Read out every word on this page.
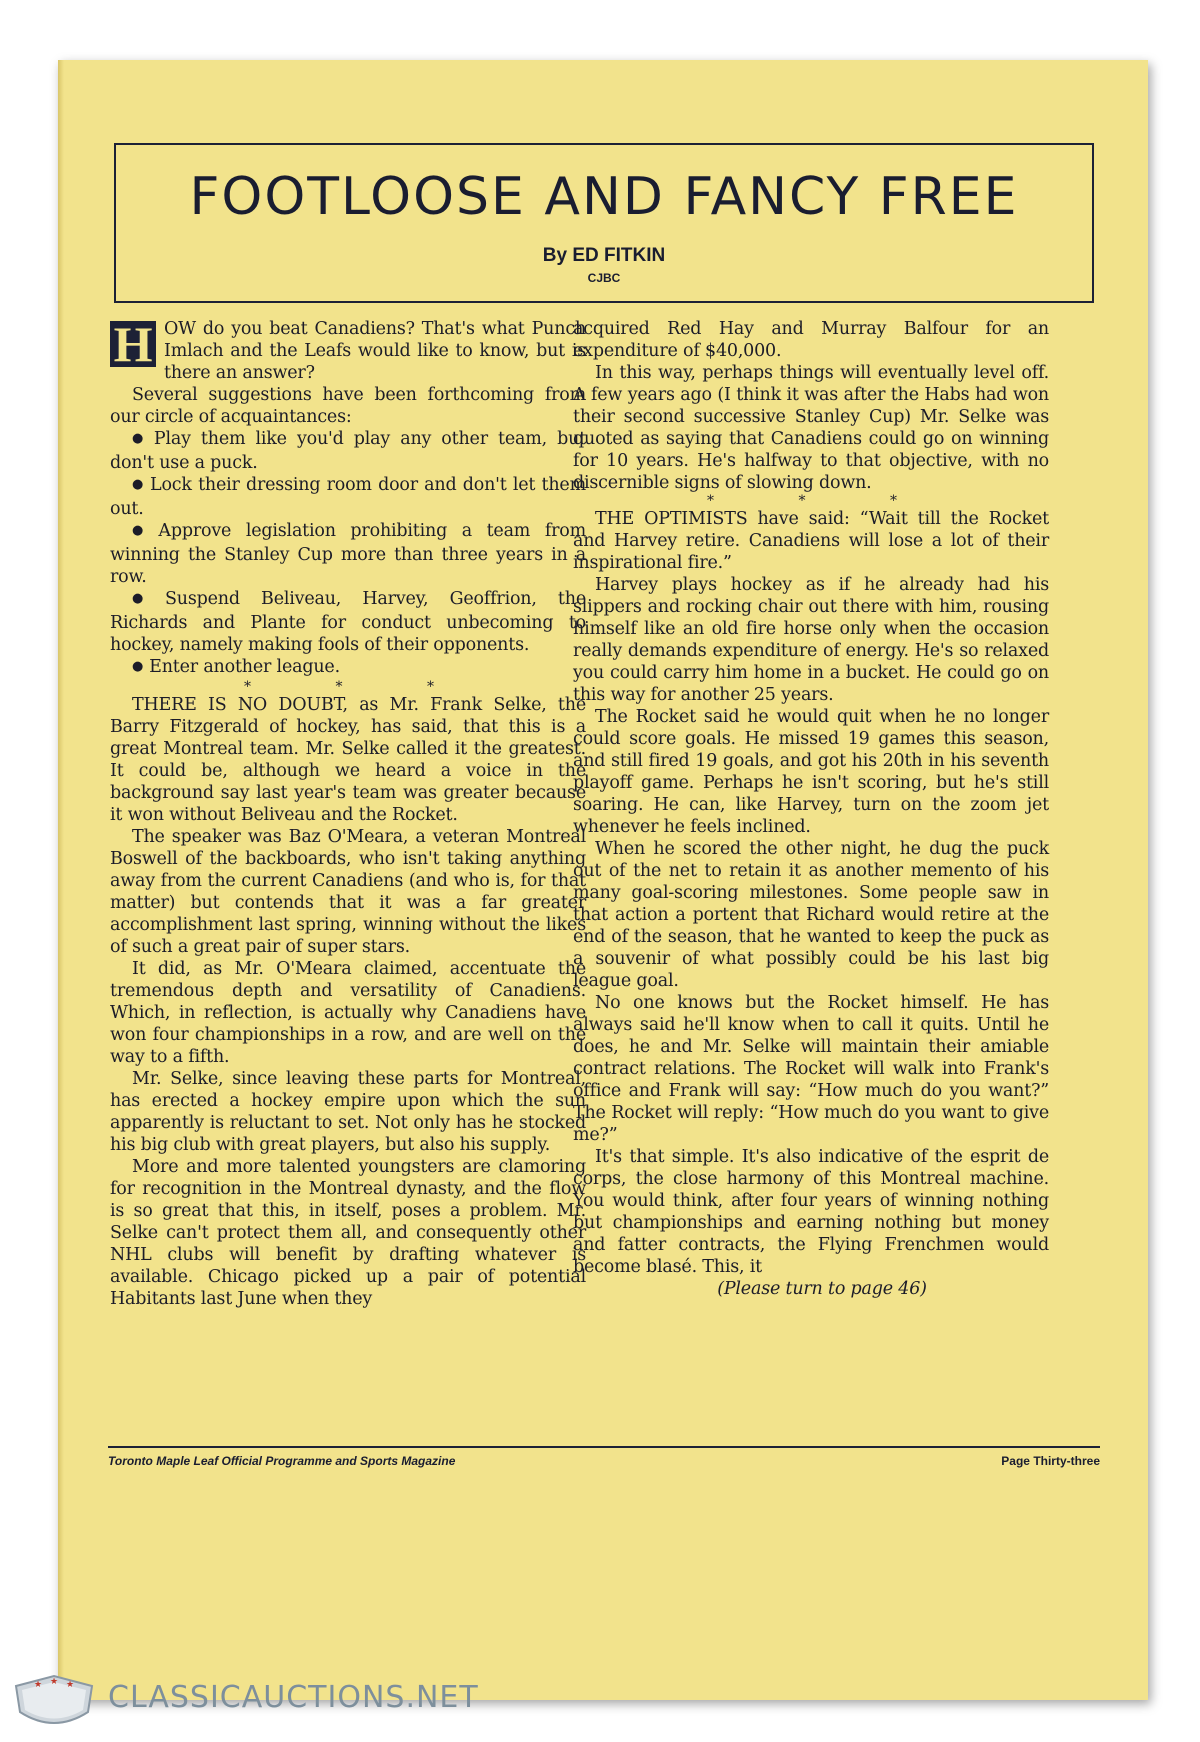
FOOTLOOSE AND FANCY FREE
By ED FITKIN
CJBC

H OW do you beat Canadiens? That's what Punch Imlach and the Leafs would like to know, but is there an answer?

Several suggestions have been forthcoming from our circle of acquaintances:

● Play them like you'd play any other team, but don't use a puck.

● Lock their dressing room door and don't let them out.

● Approve legislation prohibiting a team from winning the Stanley Cup more than three years in a row.

● Suspend Beliveau, Harvey, Geoffrion, the Richards and Plante for conduct unbecoming to hockey, namely making fools of their opponents.

● Enter another league.

* * *

THERE IS NO DOUBT, as Mr. Frank Selke, the Barry Fitzgerald of hockey, has said, that this is a great Montreal team. Mr. Selke called it the greatest. It could be, although we heard a voice in the background say last year's team was greater because it won without Beliveau and the Rocket.

The speaker was Baz O'Meara, a veteran Montreal Boswell of the backboards, who isn't taking anything away from the current Canadiens (and who is, for that matter) but contends that it was a far greater accomplishment last spring, winning without the likes of such a great pair of super stars.

It did, as Mr. O'Meara claimed, accentuate the tremendous depth and versatility of Canadiens. Which, in reflection, is actually why Canadiens have won four championships in a row, and are well on the way to a fifth.

Mr. Selke, since leaving these parts for Montreal, has erected a hockey empire upon which the sun apparently is reluctant to set. Not only has he stocked his big club with great players, but also his supply.

More and more talented youngsters are clamoring for recognition in the Montreal dynasty, and the flow is so great that this, in itself, poses a problem. Mr. Selke can't protect them all, and consequently other NHL clubs will benefit by drafting whatever is available. Chicago picked up a pair of potential Habitants last June when they

acquired Red Hay and Murray Balfour for an expenditure of $40,000.

In this way, perhaps things will eventually level off. A few years ago (I think it was after the Habs had won their second successive Stanley Cup) Mr. Selke was quoted as saying that Canadiens could go on winning for 10 years. He's halfway to that objective, with no discernible signs of slowing down.

* * *

THE OPTIMISTS have said: “Wait till the Rocket and Harvey retire. Canadiens will lose a lot of their inspirational fire.”

Harvey plays hockey as if he already had his slippers and rocking chair out there with him, rousing himself like an old fire horse only when the occasion really demands expenditure of energy. He's so relaxed you could carry him home in a bucket. He could go on this way for another 25 years.

The Rocket said he would quit when he no longer could score goals. He missed 19 games this season, and still fired 19 goals, and got his 20th in his seventh playoff game. Perhaps he isn't scoring, but he's still soaring. He can, like Harvey, turn on the zoom jet whenever he feels inclined.

When he scored the other night, he dug the puck out of the net to retain it as another memento of his many goal-scoring milestones. Some people saw in that action a portent that Richard would retire at the end of the season, that he wanted to keep the puck as a souvenir of what possibly could be his last big league goal.

No one knows but the Rocket himself. He has always said he'll know when to call it quits. Until he does, he and Mr. Selke will maintain their amiable contract relations. The Rocket will walk into Frank's office and Frank will say: “How much do you want?” The Rocket will reply: “How much do you want to give me?”

It's that simple. It's also indicative of the esprit de corps, the close harmony of this Montreal machine. You would think, after four years of winning nothing but championships and earning nothing but money and fatter contracts, the Flying Frenchmen would become blasé. This, it

(Please turn to page 46)

Toronto Maple Leaf Official Programme and Sports Magazine	Page Thirty-three
★ ★ ★ CLASSICAUCTIONS.NET
